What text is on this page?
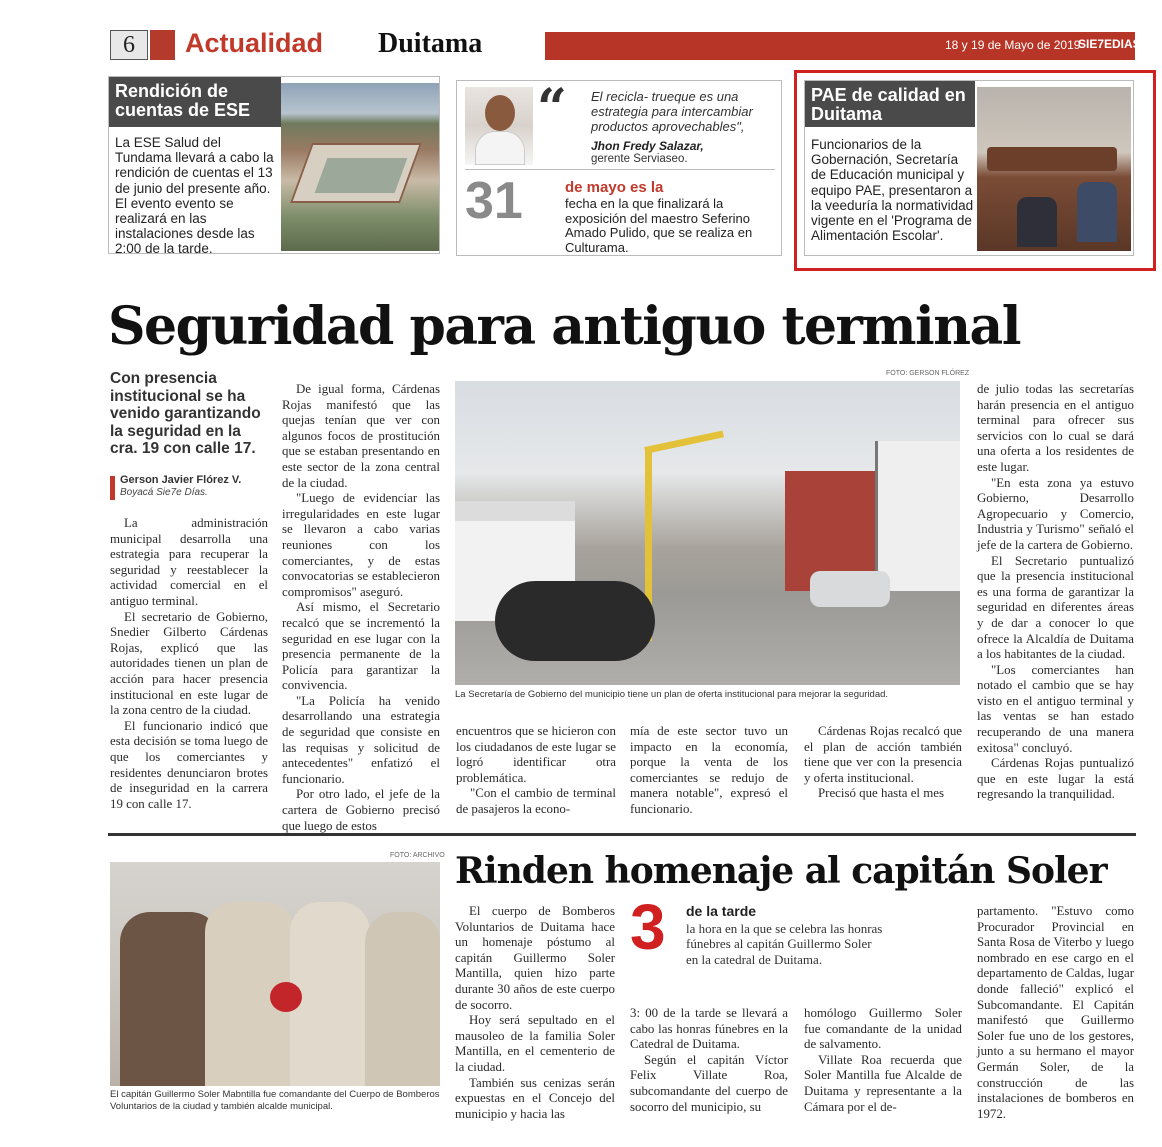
6	Actualidad Duitama	18 y 19 de Mayo de 2019
SIE7EDIAS
Rendición de cuentas de ESE
La ESE Salud del Tundama llevará a cabo la rendición de cuentas el 13 de junio del presente año. El evento evento se realizará en las instalaciones desde las 2:00 de la tarde.
“ El recicla- trueque es una estrategia para intercambiar productos aprovechables",
Jhon Fredy Salazar,
gerente Serviaseo.
31	de mayo es la
fecha en la que finalizará la exposición del maestro Seferino Amado Pulido, que se realiza en Culturama.
PAE de calidad en Duitama
Funcionarios de la Gobernación, Secretaría de Educación municipal y equipo PAE, presentaron a la veeduría la normatividad vigente en el 'Programa de Alimentación Escolar'.
Seguridad para antiguo terminal
Con presencia institucional se ha venido garantizando la seguridad en la cra. 19 con calle 17.
Gerson Javier Flórez V.
Boyacá Sie7e Días.

La administración municipal desarrolla una estrategia para recuperar la seguridad y reestablecer la actividad comercial en el antiguo terminal.

El secretario de Gobierno, Snedier Gilberto Cárdenas Rojas, explicó que las autoridades tienen un plan de acción para hacer presencia institucional en este lugar de la zona centro de la ciudad.

El funcionario indicó que esta decisión se toma luego de que los comerciantes y residentes denunciaron brotes de inseguridad en la carrera 19 con calle 17.

De igual forma, Cárdenas Rojas manifestó que las quejas tenían que ver con algunos focos de prostitución que se estaban presentando en este sector de la zona central de la ciudad.

"Luego de evidenciar las irregularidades en este lugar se llevaron a cabo varias reuniones con los comerciantes, y de estas convocatorias se establecieron compromisos" aseguró.

Así mismo, el Secretario recalcó que se incrementó la seguridad en ese lugar con la presencia permanente de la Policía para garantizar la convivencia.

"La Policía ha venido desarrollando una estrategia de seguridad que consiste en las requisas y solicitud de antecedentes" enfatizó el funcionario.

Por otro lado, el jefe de la cartera de Gobierno precisó que luego de estos

FOTO: GERSON FLÓREZ
La Secretaría de Gobierno del municipio tiene un plan de oferta institucional para mejorar la seguridad.

encuentros que se hicieron con los ciudadanos de este lugar se logró identificar otra problemática.

"Con el cambio de terminal de pasajeros la econo-

mía de este sector tuvo un impacto en la economía, porque la venta de los comerciantes se redujo de manera notable", expresó el funcionario.

Cárdenas Rojas recalcó que el plan de acción también tiene que ver con la presencia y oferta institucional.

Precisó que hasta el mes

de julio todas las secretarías harán presencia en el antiguo terminal para ofrecer sus servicios con lo cual se dará una oferta a los residentes de este lugar.

"En esta zona ya estuvo Gobierno, Desarrollo Agropecuario y Comercio, Industria y Turismo" señaló el jefe de la cartera de Gobierno.

El Secretario puntualizó que la presencia institucional es una forma de garantizar la seguridad en diferentes áreas y de dar a conocer lo que ofrece la Alcaldía de Duitama a los habitantes de la ciudad.

"Los comerciantes han notado el cambio que se hay visto en el antiguo terminal y las ventas se han estado recuperando de una manera exitosa" concluyó.

Cárdenas Rojas puntualizó que en este lugar la está regresando la tranquilidad.

FOTO: ARCHIVO
El capitán Guillermo Soler Mabntilla fue comandante del Cuerpo de Bomberos Voluntarios de la ciudad y también alcalde municipal.
Rinden homenaje al capitán Soler

El cuerpo de Bomberos Voluntarios de Duitama hace un homenaje póstumo al capitán Guillermo Soler Mantilla, quien hizo parte durante 30 años de este cuerpo de socorro.

Hoy será sepultado en el mausoleo de la familia Soler Mantilla, en el cementerio de la ciudad.

También sus cenizas serán expuestas en el Concejo del municipio y hacia las

3 de la tarde
la hora en la que se celebra las honras fúnebres al capitán Guillermo Soler en la catedral de Duitama.

3: 00 de la tarde se llevará a cabo las honras fúnebres en la Catedral de Duitama.

Según el capitán Víctor Felix Villate Roa, subcomandante del cuerpo de socorro del municipio, su

homólogo Guillermo Soler fue comandante de la unidad de salvamento.

Villate Roa recuerda que Soler Mantilla fue Alcalde de Duitama y representante a la Cámara por el de-

partamento. "Estuvo como Procurador Provincial en Santa Rosa de Viterbo y luego nombrado en ese cargo en el departamento de Caldas, lugar donde falleció" explicó el Subcomandante. El Capitán manifestó que Guillermo Soler fue uno de los gestores, junto a su hermano el mayor Germán Soler, de la construcción de las instalaciones de bomberos en 1972.
